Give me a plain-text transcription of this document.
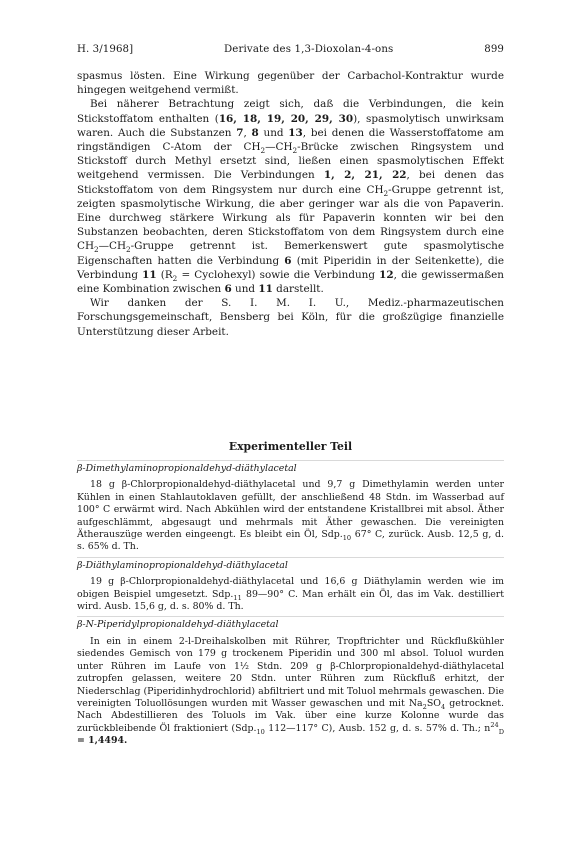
H. 3/1968]	Derivate des 1,3-Dioxolan-4-ons	899

spasmus lösten. Eine Wirkung gegenüber der Carbachol-Kontraktur wurde hingegen weitgehend vermißt.

Bei näherer Betrachtung zeigt sich, daß die Verbindungen, die kein Stickstoffatom enthalten (16, 18, 19, 20, 29, 30), spasmolytisch unwirksam waren. Auch die Substanzen 7, 8 und 13, bei denen die Wasserstoffatome am ringständigen C-Atom der $CH_2—CH_2$-Brücke zwischen Ringsystem und Stickstoff durch Methyl ersetzt sind, ließen einen spasmolytischen Effekt weitgehend vermissen. Die Verbindungen 1, 2, 21, 22, bei denen das Stickstoffatom von dem Ringsystem nur durch eine $CH_2$-Gruppe getrennt ist, zeigten spasmolytische Wirkung, die aber geringer war als die von Papaverin. Eine durchweg stärkere Wirkung als für Papaverin konnten wir bei den Substanzen beobachten, deren Stickstoffatom von dem Ringsystem durch eine $CH_2—CH_2$-Gruppe getrennt ist. Bemerkenswert gute spasmolytische Eigenschaften hatten die Verbindung 6 (mit Piperidin in der Seitenkette), die Verbindung 11 ($R_2$ = Cyclohexyl) sowie die Verbindung 12, die gewissermaßen eine Kombination zwischen 6 und 11 darstellt.

Wir danken der S. I. M. I. U., Mediz.-pharmazeutischen Forschungsgemeinschaft, Bensberg bei Köln, für die großzügige finanzielle Unterstützung dieser Arbeit.

Experimenteller Teil
β-Dimethylaminopropionaldehyd-diäthylacetal

18 g β-Chlorpropionaldehyd-diäthylacetal und 9,7 g Dimethylamin werden unter Kühlen in einen Stahlautoklaven gefüllt, der anschließend 48 Stdn. im Wasserbad auf 100° C erwärmt wird. Nach Abkühlen wird der entstandene Kristallbrei mit absol. Äther aufgeschlämmt, abgesaugt und mehrmals mit Äther gewaschen. Die vereinigten Ätherauszüge werden eingeengt. Es bleibt ein Öl, $Sdp._{10}$ 67° C, zurück. Ausb. 12,5 g, d. s. 65% d. Th.

β-Diäthylaminopropionaldehyd-diäthylacetal

19 g β-Chlorpropionaldehyd-diäthylacetal und 16,6 g Diäthylamin werden wie im obigen Beispiel umgesetzt. $Sdp._{11}$ 89—90° C. Man erhält ein Öl, das im Vak. destilliert wird. Ausb. 15,6 g, d. s. 80% d. Th.

β-N-Piperidylpropionaldehyd-diäthylacetal

In ein in einem 2-l-Dreihalskolben mit Rührer, Tropftrichter und Rückflußkühler siedendes Gemisch von 179 g trockenem Piperidin und 300 ml absol. Toluol wurden unter Rühren im Laufe von 1½ Stdn. 209 g β-Chlorpropionaldehyd-diäthylacetal zutropfen gelassen, weitere 20 Stdn. unter Rühren zum Rückfluß erhitzt, der Niederschlag (Piperidinhydrochlorid) abfiltriert und mit Toluol mehrmals gewaschen. Die vereinigten Toluollösungen wurden mit Wasser gewaschen und mit $Na_2SO_4$ getrocknet. Nach Abdestillieren des Toluols im Vak. über eine kurze Kolonne wurde das zurückbleibende Öl fraktioniert ($Sdp._{10}$ 112—117° C), Ausb. 152 g, d. s. 57% d. Th.; $n^{24}_D = 1,4494$.
